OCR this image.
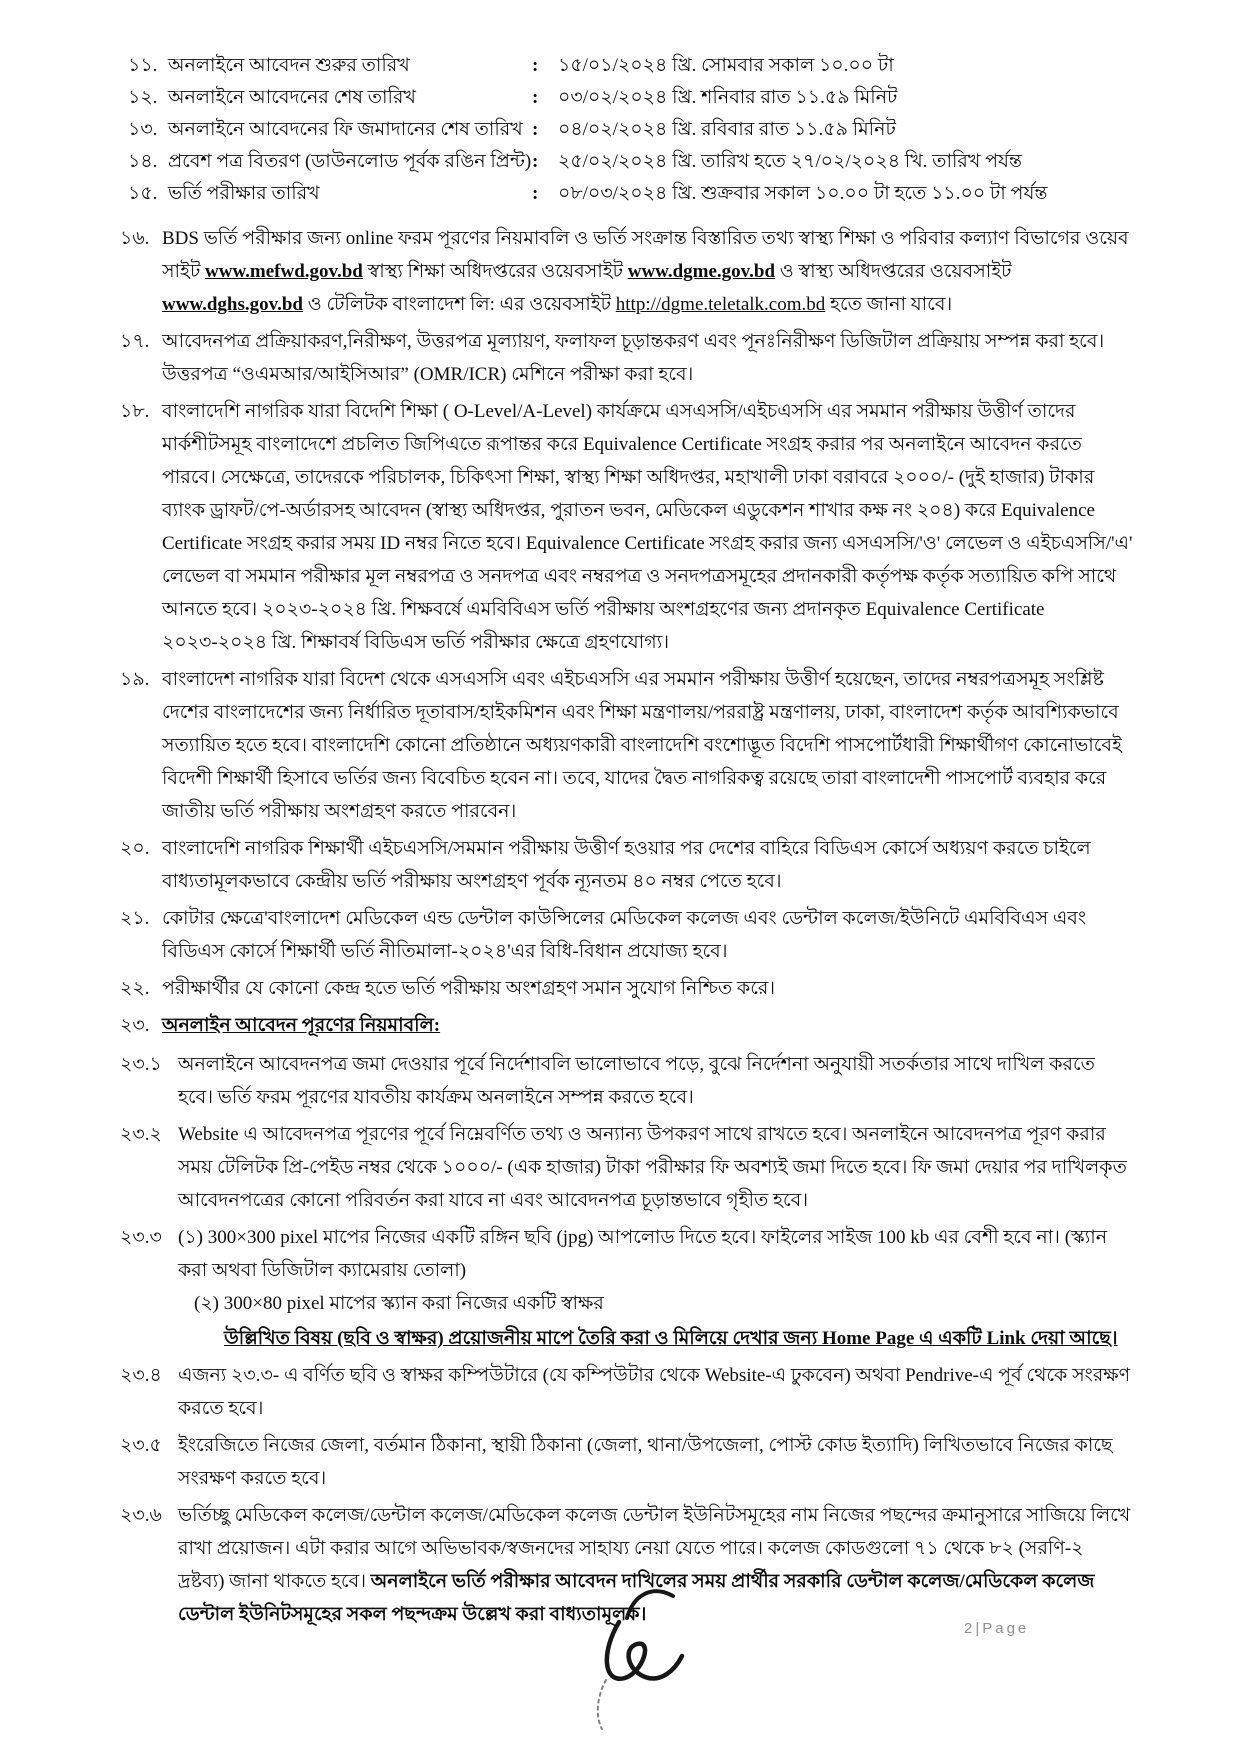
১১. অনলাইনে আবেদন শুরুর তারিখ	:	১৫/০১/২০২৪ খ্রি. সোমবার সকাল ১০.০০ টা
১২. অনলাইনে আবেদনের শেষ তারিখ	:	০৩/০২/২০২৪ খ্রি. শনিবার রাত ১১.৫৯ মিনিট
১৩. অনলাইনে আবেদনের ফি জমাদানের শেষ তারিখ :	০৪/০২/২০২৪ খ্রি. রবিবার রাত ১১.৫৯ মিনিট
১৪. প্রবেশ পত্র বিতরণ (ডাউনলোড পূর্বক রঙিন প্রিন্ট) :	২৫/০২/২০২৪ খ্রি. তারিখ হতে ২৭/০২/২০২৪ খি. তারিখ পর্যন্ত
১৫. ভর্তি পরীক্ষার তারিখ	:	০৮/০৩/২০২৪ খ্রি. শুক্রবার সকাল ১০.০০ টা হতে ১১.০০ টা পর্যন্ত
১৬. BDS ভর্তি পরীক্ষার জন্য online ফরম পূরণের নিয়মাবলি ও ভর্তি সংক্রান্ত বিস্তারিত তথ্য স্বাস্থ্য শিক্ষা ও পরিবার কল্যাণ বিভাগের ওয়েব সাইট www.mefwd.gov.bd স্বাস্থ্য শিক্ষা অধিদপ্তরের ওয়েবসাইট www.dgme.gov.bd ও স্বাস্থ্য অধিদপ্তরের ওয়েবসাইট www.dghs.gov.bd ও টেলিটক বাংলাদেশ লি: এর ওয়েবসাইট http://dgme.teletalk.com.bd হতে জানা যাবে।
১৭. আবেদনপত্র প্রক্রিয়াকরণ,নিরীক্ষণ, উত্তরপত্র মূল্যায়ণ, ফলাফল চূড়ান্তকরণ এবং পূনঃনিরীক্ষণ ডিজিটাল প্রক্রিয়ায় সম্পন্ন করা হবে। উত্তরপত্র “ওএমআর/আইসিআর” (OMR/ICR) মেশিনে পরীক্ষা করা হবে।
১৮. বাংলাদেশি নাগরিক যারা বিদেশি শিক্ষা ( O-Level/A-Level) কার্যক্রমে এসএসসি/এইচএসসি এর সমমান পরীক্ষায় উত্তীর্ণ তাদের মার্কশীটসমূহ বাংলাদেশে প্রচলিত জিপিএতে রূপান্তর করে Equivalence Certificate সংগ্রহ করার পর অনলাইনে আবেদন করতে পারবে। সেক্ষেত্রে, তাদেরকে পরিচালক, চিকিৎসা শিক্ষা, স্বাস্থ্য শিক্ষা অধিদপ্তর, মহাখালী ঢাকা বরাবরে ২০০০/- (দুই হাজার) টাকার ব্যাংক ড্রাফট/পে-অর্ডারসহ আবেদন (স্বাস্থ্য অধিদপ্তর, পুরাতন ভবন, মেডিকেল এডুকেশন শাখার কক্ষ নং ২০৪) করে Equivalence Certificate সংগ্রহ করার সময় ID নম্বর নিতে হবে। Equivalence Certificate সংগ্রহ করার জন্য এসএসসি/'ও' লেভেল ও এইচএসসি/'এ' লেভেল বা সমমান পরীক্ষার মূল নম্বরপত্র ও সনদপত্র এবং নম্বরপত্র ও সনদপত্রসমূহের প্রদানকারী কর্তৃপক্ষ কর্তৃক সত্যায়িত কপি সাথে আনতে হবে। ২০২৩-২০২৪ খ্রি. শিক্ষবর্ষে এমবিবিএস ভর্তি পরীক্ষায় অংশগ্রহণের জন্য প্রদানকৃত Equivalence Certificate ২০২৩-২০২৪ খ্রি. শিক্ষাবর্ষ বিডিএস ভর্তি পরীক্ষার ক্ষেত্রে গ্রহণযোগ্য।
১৯. বাংলাদেশ নাগরিক যারা বিদেশ থেকে এসএসসি এবং এইচএসসি এর সমমান পরীক্ষায় উত্তীর্ণ হয়েছেন, তাদের নম্বরপত্রসমূহ সংশ্লিষ্ট দেশের বাংলাদেশের জন্য নির্ধারিত দূতাবাস/হাইকমিশন এবং শিক্ষা মন্ত্রণালয়/পররাষ্ট্র মন্ত্রণালয়, ঢাকা, বাংলাদেশ কর্তৃক আবশ্যিকভাবে সত্যায়িত হতে হবে। বাংলাদেশি কোনো প্রতিষ্ঠানে অধ্যয়ণকারী বাংলাদেশি বংশোদ্ভূত বিদেশি পাসপোর্টধারী শিক্ষার্থীগণ কোনোভাবেই বিদেশী শিক্ষার্থী হিসাবে ভর্তির জন্য বিবেচিত হবেন না। তবে, যাদের দ্বৈত নাগরিকত্ব রয়েছে তারা বাংলাদেশী পাসপোর্ট ব্যবহার করে জাতীয় ভর্তি পরীক্ষায় অংশগ্রহণ করতে পারবেন।
২০. বাংলাদেশি নাগরিক শিক্ষার্থী এইচএসসি/সমমান পরীক্ষায় উত্তীর্ণ হওয়ার পর দেশের বাহিরে বিডিএস কোর্সে অধ্যয়ণ করতে চাইলে বাধ্যতামূলকভাবে কেন্দ্রীয় ভর্তি পরীক্ষায় অংশগ্রহণ পূর্বক ন্যূনতম ৪০ নম্বর পেতে হবে।
২১. কোটার ক্ষেত্রে'বাংলাদেশ মেডিকেল এন্ড ডেন্টাল কাউন্সিলের মেডিকেল কলেজ এবং ডেন্টাল কলেজ/ইউনিটে এমবিবিএস এবং বিডিএস কোর্সে শিক্ষার্থী ভর্তি নীতিমালা-২০২৪'এর বিধি-বিধান প্রযোজ্য হবে।
২২. পরীক্ষার্থীর যে কোনো কেন্দ্র হতে ভর্তি পরীক্ষায় অংশগ্রহণ সমান সুযোগ নিশ্চিত করে।
২৩. অনলাইন আবেদন পূরণের নিয়মাবলি:
২৩.১ অনলাইনে আবেদনপত্র জমা দেওয়ার পূর্বে নির্দেশাবলি ভালোভাবে পড়ে, বুঝে নির্দেশনা অনুযায়ী সতর্কতার সাথে দাখিল করতে হবে। ভর্তি ফরম পূরণের যাবতীয় কার্যক্রম অনলাইনে সম্পন্ন করতে হবে।
২৩.২ Website এ আবেদনপত্র পূরণের পূর্বে নিম্নেবর্ণিত তথ্য ও অন্যান্য উপকরণ সাথে রাখতে হবে। অনলাইনে আবেদনপত্র পূরণ করার সময় টেলিটক প্রি-পেইড নম্বর থেকে ১০০০/- (এক হাজার) টাকা পরীক্ষার ফি অবশ্যই জমা দিতে হবে। ফি জমা দেয়ার পর দাখিলকৃত আবেদনপত্রের কোনো পরিবর্তন করা যাবে না এবং আবেদনপত্র চূড়ান্তভাবে গৃহীত হবে।
২৩.৩ (১) 300×300 pixel মাপের নিজের একটি রঙ্গিন ছবি (jpg) আপলোড দিতে হবে। ফাইলের সাইজ 100 kb এর বেশী হবে না। (স্ক্যান করা অথবা ডিজিটাল ক্যামেরায় তোলা)
(২) 300×80 pixel মাপের স্ক্যান করা নিজের একটি স্বাক্ষর
উল্লিখিত বিষয় (ছবি ও স্বাক্ষর) প্রয়োজনীয় মাপে তৈরি করা ও মিলিয়ে দেখার জন্য Home Page এ একটি Link দেয়া আছে।
২৩.৪ এজন্য ২৩.৩- এ বর্ণিত ছবি ও স্বাক্ষর কম্পিউটারে (যে কম্পিউটার থেকে Website-এ ঢুকবেন) অথবা Pendrive-এ পূর্ব থেকে সংরক্ষণ করতে হবে।
২৩.৫ ইংরেজিতে নিজের জেলা, বর্তমান ঠিকানা, স্থায়ী ঠিকানা (জেলা, থানা/উপজেলা, পোস্ট কোড ইত্যাদি) লিখিতভাবে নিজের কাছে সংরক্ষণ করতে হবে।
২৩.৬ ভর্তিচ্ছু মেডিকেল কলেজ/ডেন্টাল কলেজ/মেডিকেল কলেজ ডেন্টাল ইউনিটসমূহের নাম নিজের পছন্দের ক্রমানুসারে সাজিয়ে লিখে রাখা প্রয়োজন। এটা করার আগে অভিভাবক/স্বজনদের সাহায্য নেয়া যেতে পারে। কলেজ কোডগুলো ৭১ থেকে ৮২ (সরণি-২ দ্রষ্টব্য) জানা থাকতে হবে। অনলাইনে ভর্তি পরীক্ষার আবেদন দাখিলের সময় প্রার্থীর সরকারি ডেন্টাল কলেজ/মেডিকেল কলেজ ডেন্টাল ইউনিটসমূহের সকল পছন্দক্রম উল্লেখ করা বাধ্যতামূলক।
2|Page
